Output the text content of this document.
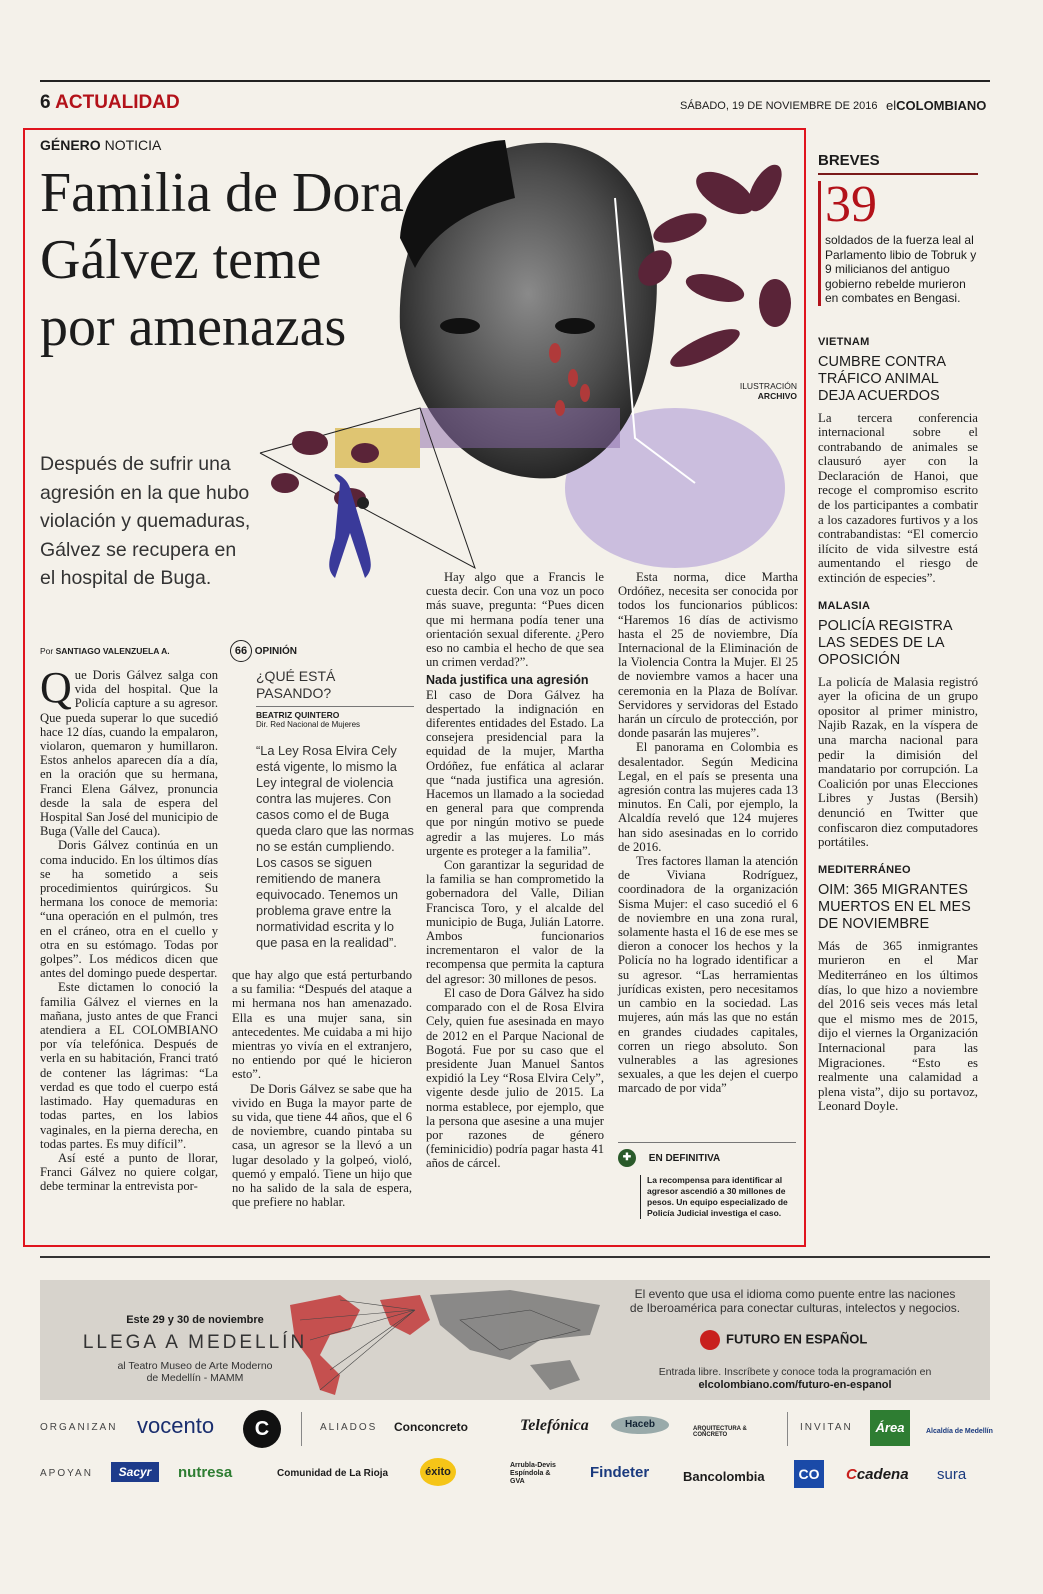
6 ACTUALIDAD	SÁBADO, 19 DE NOVIEMBRE DE 2016 elCOLOMBIANO
GÉNERO NOTICIA
Familia de Dora Gálvez teme por amenazas
Después de sufrir una agresión en la que hubo violación y quemaduras, Gálvez se recupera en el hospital de Buga.
ILUSTRACIÓN
ARCHIVO
Por SANTIAGO VALENZUELA A.

Que Doris Gálvez salga con vida del hospital. Que la Policía capture a su agresor. Que pueda superar lo que sucedió hace 12 días, cuando la empalaron, violaron, quemaron y humillaron. Estos anhelos aparecen día a día, en la oración que su hermana, Franci Elena Gálvez, pronuncia desde la sala de espera del Hospital San José del municipio de Buga (Valle del Cauca).

Doris Gálvez continúa en un coma inducido. En los últimos días se ha sometido a seis procedimientos quirúrgicos. Su hermana los conoce de memoria: “una operación en el pulmón, tres en el cráneo, otra en el cuello y otra en su estómago. Todas por golpes”. Los médicos dicen que antes del domingo puede despertar.

Este dictamen lo conoció la familia Gálvez el viernes en la mañana, justo antes de que Franci atendiera a EL COLOMBIANO por vía telefónica. Después de verla en su habitación, Franci trató de contener las lágrimas: “La verdad es que todo el cuerpo está lastimado. Hay quemaduras en todas partes, en los labios vaginales, en la pierna derecha, en todas partes. Es muy difícil”.

Así esté a punto de llorar, Franci Gálvez no quiere colgar, debe terminar la entrevista por-

66 OPINIÓN
¿QUÉ ESTÁ PASANDO?
BEATRIZ QUINTERO
Dir. Red Nacional de Mujeres
“La Ley Rosa Elvira Cely está vigente, lo mismo la Ley integral de violencia contra las mujeres. Con casos como el de Buga queda claro que las normas no se están cumpliendo. Los casos se siguen remitiendo de manera equivocado. Tenemos un problema grave entre la normatividad escrita y lo que pasa en la realidad”.

que hay algo que está perturbando a su familia: “Después del ataque a mi hermana nos han amenazado. Ella es una mujer sana, sin antecedentes. Me cuidaba a mi hijo mientras yo vivía en el extranjero, no entiendo por qué le hicieron esto”.

De Doris Gálvez se sabe que ha vivido en Buga la mayor parte de su vida, que tiene 44 años, que el 6 de noviembre, cuando pintaba su casa, un agresor se la llevó a un lugar desolado y la golpeó, violó, quemó y empaló. Tiene un hijo que no ha salido de la sala de espera, que prefiere no hablar.

Hay algo que a Francis le cuesta decir. Con una voz un poco más suave, pregunta: “Pues dicen que mi hermana podía tener una orientación sexual diferente. ¿Pero eso no cambia el hecho de que sea un crimen verdad?”.

Nada justifica una agresión

El caso de Dora Gálvez ha despertado la indignación en diferentes entidades del Estado. La consejera presidencial para la equidad de la mujer, Martha Ordóñez, fue enfática al aclarar que “nada justifica una agresión. Hacemos un llamado a la sociedad en general para que comprenda que por ningún motivo se puede agredir a las mujeres. Lo más urgente es proteger a la familia”.

Con garantizar la seguridad de la familia se han comprometido la gobernadora del Valle, Dilian Francisca Toro, y el alcalde del municipio de Buga, Julián Latorre. Ambos funcionarios incrementaron el valor de la recompensa que permita la captura del agresor: 30 millones de pesos.

El caso de Dora Gálvez ha sido comparado con el de Rosa Elvira Cely, quien fue asesinada en mayo de 2012 en el Parque Nacional de Bogotá. Fue por su caso que el presidente Juan Manuel Santos expidió la Ley “Rosa Elvira Cely”, vigente desde julio de 2015. La norma establece, por ejemplo, que la persona que asesine a una mujer por razones de género (feminicidio) podría pagar hasta 41 años de cárcel.

Esta norma, dice Martha Ordóñez, necesita ser conocida por todos los funcionarios públicos: “Haremos 16 días de activismo hasta el 25 de noviembre, Día Internacional de la Eliminación de la Violencia Contra la Mujer. El 25 de noviembre vamos a hacer una ceremonia en la Plaza de Bolívar. Servidores y servidoras del Estado harán un círculo de protección, por donde pasarán las mujeres”.

El panorama en Colombia es desalentador. Según Medicina Legal, en el país se presenta una agresión contra las mujeres cada 13 minutos. En Cali, por ejemplo, la Alcaldía reveló que 124 mujeres han sido asesinadas en lo corrido de 2016.

Tres factores llaman la atención de Viviana Rodríguez, coordinadora de la organización Sisma Mujer: el caso sucedió el 6 de noviembre en una zona rural, solamente hasta el 16 de ese mes se dieron a conocer los hechos y la Policía no ha logrado identificar a su agresor. “Las herramientas jurídicas existen, pero necesitamos un cambio en la sociedad. Las mujeres, aún más las que no están en grandes ciudades capitales, corren un riego absoluto. Son vulnerables a las agresiones sexuales, a que les dejen el cuerpo marcado de por vida”

✚ EN DEFINITIVA
La recompensa para identificar al agresor ascendió a 30 millones de pesos. Un equipo especializado de Policía Judicial investiga el caso.
BREVES
39
soldados de la fuerza leal al Parlamento libio de Tobruk y 9 milicianos del antiguo gobierno rebelde murieron en combates en Bengasi.
VIETNAM
CUMBRE CONTRA TRÁFICO ANIMAL DEJA ACUERDOS
La tercera conferencia internacional sobre el contrabando de animales se clausuró ayer con la Declaración de Hanoi, que recoge el compromiso escrito de los participantes a combatir a los cazadores furtivos y a los contrabandistas: “El comercio ilícito de vida silvestre está aumentando el riesgo de extinción de especies”.
MALASIA
POLICÍA REGISTRA LAS SEDES DE LA OPOSICIÓN
La policía de Malasia registró ayer la oficina de un grupo opositor al primer ministro, Najib Razak, en la víspera de una marcha nacional para pedir la dimisión del mandatario por corrupción. La Coalición por unas Elecciones Libres y Justas (Bersih) denunció en Twitter que confiscaron diez computadores portátiles.
MEDITERRÁNEO
OIM: 365 MIGRANTES MUERTOS EN EL MES DE NOVIEMBRE
Más de 365 inmigrantes murieron en el Mar Mediterráneo en los últimos días, lo que hizo a noviembre del 2016 seis veces más letal que el mismo mes de 2015, dijo el viernes la Organización Internacional para las Migraciones. “Esto es realmente una calamidad a plena vista”, dijo su portavoz, Leonard Doyle.
Este 29 y 30 de noviembre
LLEGA A MEDELLÍN
al Teatro Museo de Arte Moderno
de Medellín - MAMM
El evento que usa el idioma como puente entre las naciones
de Iberoamérica para conectar culturas, intelectos y negocios.
FUTURO EN ESPAÑOL
Entrada libre. Inscríbete y conoce toda la programación en
elcolombiano.com/futuro-en-espanol
ORGANIZAN vocento	C	ALIADOS Conconcreto	Telefónica	Haceb	ARQUITECTURA & CONCRETO
INVITAN	Área	Alcaldía de Medellín
APOYAN	Sacyr	nutresa	Comunidad de La Rioja	éxito
Arrubla-Devis Espíndola & GVA
Findeter	Bancolombia	CO	Ccadena sura
